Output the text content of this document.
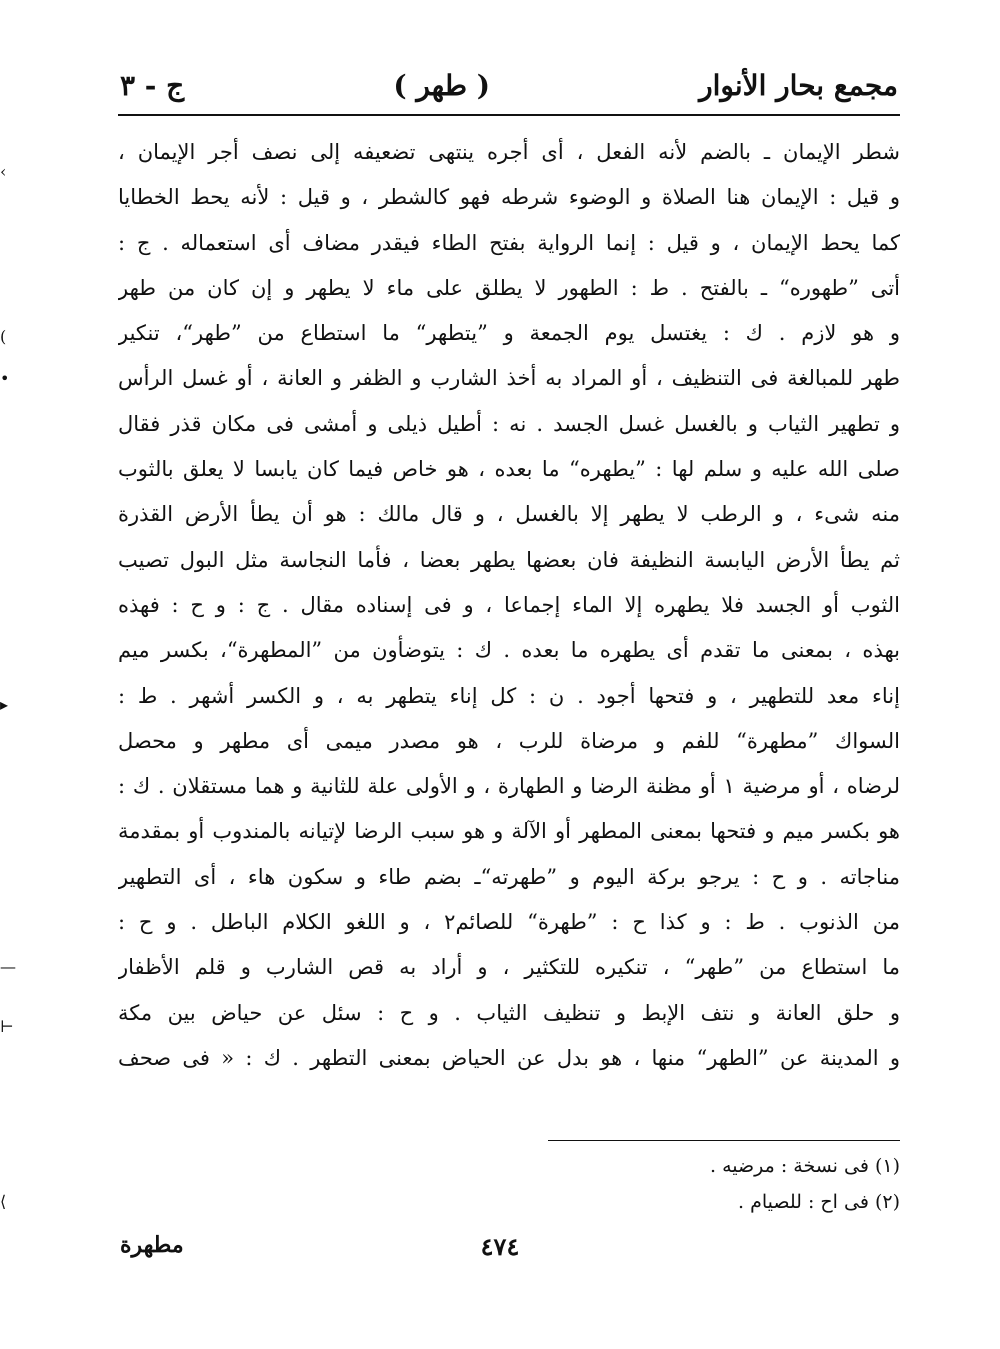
مجمع بحار الأنوار
( طهر )
ج - ٣
شطر الإيمان ـ بالضم لأنه الفعل ، أى أجره ينتهى تضعيفه إلى نصف أجر الإيمان ،
و قيل : الإيمان هنا الصلاة و الوضوء شرطه فهو كالشطر ، و قيل : لأنه يحط الخطايا
كما يحط الإيمان ، و قيل : إنما الرواية بفتح الطاء فيقدر مضاف أى استعماله . ج :
أتى ”طهوره“ ـ بالفتح . ط : الطهور لا يطلق على ماء لا يطهر و إن كان من طهر
و هو لازم . ك : يغتسل يوم الجمعة و ”يتطهر“ ما استطاع من ”طهر“، تنكير
طهر للمبالغة فى التنظيف ، أو المراد به أخذ الشارب و الظفر و العانة ، أو غسل الرأس
و تطهير الثياب و بالغسل غسل الجسد . نه : أطيل ذيلى و أمشى فى مكان قذر فقال
صلى الله عليه و سلم لها : ”يطهره“ ما بعده ، هو خاص فيما كان يابسا لا يعلق بالثوب
منه شىء ، و الرطب لا يطهر إلا بالغسل ، و قال مالك : هو أن يطأ الأرض القذرة
ثم يطأ الأرض اليابسة النظيفة فان بعضها يطهر بعضا ، فأما النجاسة مثل البول تصيب
الثوب أو الجسد فلا يطهره إلا الماء إجماعا ، و فى إسناده مقال . ج : و ح : فهذه
بهذه ، بمعنى ما تقدم أى يطهره ما بعده . ك : يتوضأون من ”المطهرة“، بكسر ميم
إناء معد للتطهير ، و فتحها أجود . ن : كل إناء يتطهر به ، و الكسر أشهر . ط :
السواك ”مطهرة“ للفم و مرضاة للرب ، هو مصدر ميمى أى مطهر و محصل
لرضاه ، أو مرضية ١ أو مظنة الرضا و الطهارة ، و الأولى علة للثانية و هما مستقلان . ك :
هو بكسر ميم و فتحها بمعنى المطهر أو الآلة و هو سبب الرضا لإتيانه بالمندوب أو بمقدمة
مناجاته . و ح : يرجو بركة اليوم و ”طهرته“ـ بضم طاء و سكون هاء ، أى التطهير
من الذنوب . ط : و كذا ح : ”طهرة“ للصائم٢ ، و اللغو الكلام الباطل . و ح :
ما استطاع من ”طهر“ ، تنكيره للتكثير ، و أراد به قص الشارب و قلم الأظفار
و حلق العانة و نتف الإبط و تنظيف الثياب . و ح : سئل عن حياض بين مكة
و المدينة عن ”الطهر“ منها ، هو بدل عن الحياض بمعنى التطهر . ك : « فى صحف
(١) فى نسخة : مرضيه .
(٢) فى اح : للصيام .
٤٧٤
مطهرة
‹
(
•
▸
—
⊢
⟨
